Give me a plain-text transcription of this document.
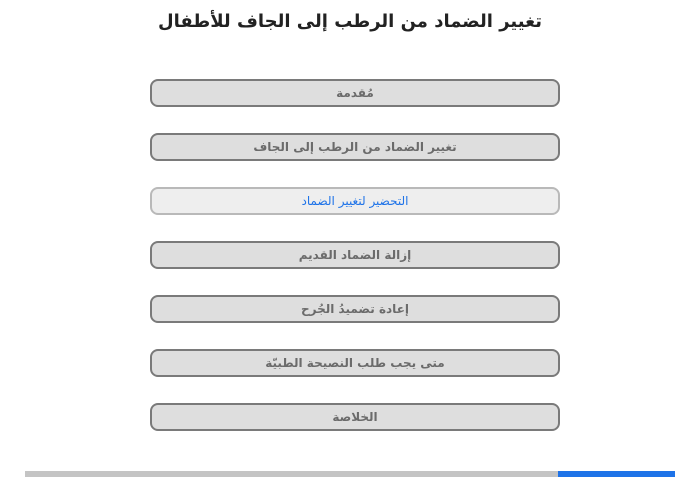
تغيير الضماد من الرطب إلى الجاف للأطفال
مُقدمة
تغيير الضماد من الرطب إلى الجاف
التحضير لتغيير الضماد
إزالة الضماد القديم
إعادة تضميدُ الجُرح
متى يجب طلب النصيحة الطبيّة
الخلاصة
